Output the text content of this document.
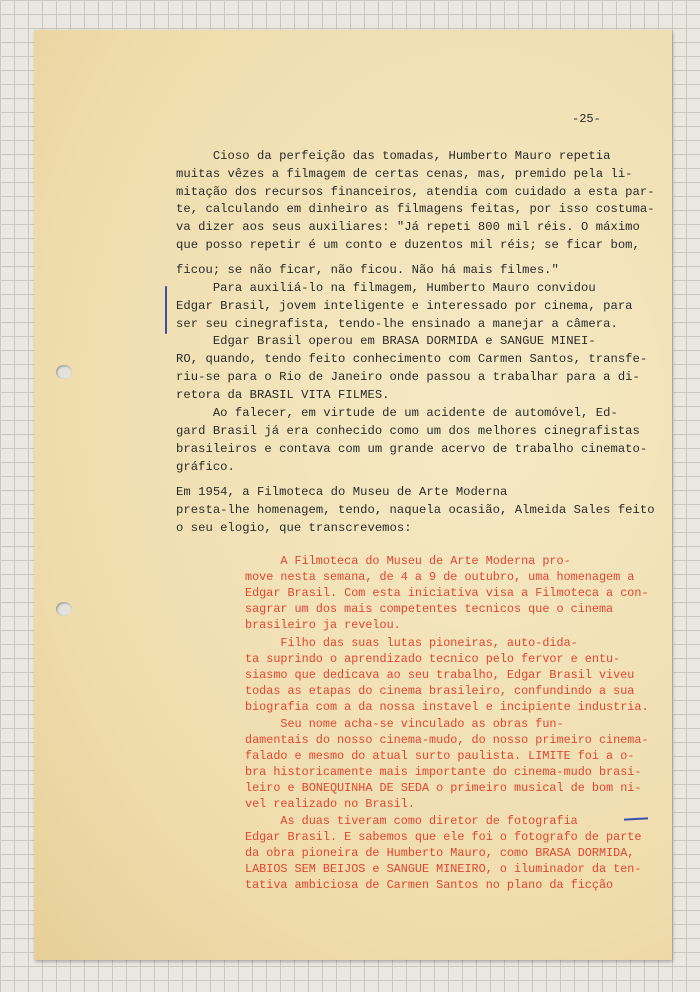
-25-
Cioso da perfeição das tomadas, Humberto Mauro repetia
muitas vêzes a filmagem de certas cenas, mas, premido pela li-
mitação dos recursos financeiros, atendia com cuidado a esta par-
te, calculando em dinheiro as filmagens feitas, por isso costuma-
va dizer aos seus auxiliares: "Já repeti 800 mil réis. O máximo
que posso repetir é um conto e duzentos mil réis; se ficar bom,
ficou; se não ficar, não ficou. Não há mais filmes."
Para auxiliá-lo na filmagem, Humberto Mauro convidou
Edgar Brasil, jovem inteligente e interessado por cinema, para
ser seu cinegrafista, tendo-lhe ensinado a manejar a câmera.
Edgar Brasil operou em BRASA DORMIDA e SANGUE MINEI-
RO, quando, tendo feito conhecimento com Carmen Santos, transfe-
riu-se para o Rio de Janeiro onde passou a trabalhar para a di-
retora da BRASIL VITA FILMES.
Ao falecer, em virtude de um acidente de automóvel, Ed-
gard Brasil já era conhecido como um dos melhores cinegrafistas
brasileiros e contava com um grande acervo de trabalho cinemato-
gráfico.
Em 1954, a Filmoteca do Museu de Arte Moderna
presta-lhe homenagem, tendo, naquela ocasião, Almeida Sales feito
o seu elogio, que transcrevemos:
A Filmoteca do Museu de Arte Moderna pro-
move nesta semana, de 4 a 9 de outubro, uma homenagem a
Edgar Brasil. Com esta iniciativa visa a Filmoteca a con-
sagrar um dos mais competentes tecnicos que o cinema
brasileiro ja revelou.
Filho das suas lutas pioneiras, auto-dida-
ta suprindo o aprendizado tecnico pelo fervor e entu-
siasmo que dedicava ao seu trabalho, Edgar Brasil viveu
todas as etapas do cinema brasileiro, confundindo a sua
biografia com a da nossa instavel e incipiente industria.
Seu nome acha-se vinculado as obras fun-
damentais do nosso cinema-mudo, do nosso primeiro cinema-
falado e mesmo do atual surto paulista. LIMITE foi a o-
bra historicamente mais importante do cinema-mudo brasi-
leiro e BONEQUINHA DE SEDA o primeiro musical de bom ni-
vel realizado no Brasil.
As duas tiveram como diretor de fotografia
Edgar Brasil. E sabemos que ele foi o fotografo de parte
da obra pioneira de Humberto Mauro, como BRASA DORMIDA,
LABIOS SEM BEIJOS e SANGUE MINEIRO, o iluminador da ten-
tativa ambiciosa de Carmen Santos no plano da ficção
